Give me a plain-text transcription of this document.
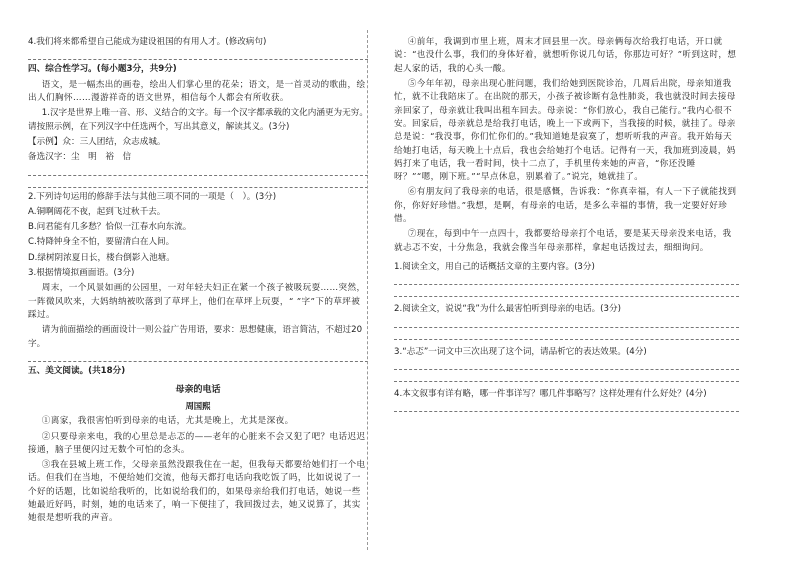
4.我们将来都希望自己能成为建设祖国的有用人才。(修改病句)

四、综合性学习。(每小题3分，共9分)

语文，是一幅杰出的画卷，绘出人们掌心里的花朵；语文，是一首灵动的歌曲，绘出人们胸怀……漫游祥奇的语文世界，相信每个人都会有所收获。

1.汉字是世界上唯一音、形、义结合的文字。每一个汉字都承载的文化内涵更为无穷。请按照示例，在下列汉字中任选两个，写出其意义，解读其义。(3分)

【示例】众：三人团结，众志成城。

备选汉字：尘　明　裕　信

2.下列诗句运用的修辞手法与其他三项不同的一项是（　）。(3分)

A.铜啊阔花不夜，起到飞过秋千去。

B.问君能有几多愁？恰似一江春水向东流。

C.特降钟身全不怕，要留清白在人间。

D.绿树阴浓夏日长，楼台倒影入池塘。

3.根据情境拟画面语。(3分)

周末，一个风景如画的公园里，一对年轻夫妇正在紧一个孩子被吸玩耍……突然，一阵微风吹来，大妈纳纳被吹落到了草坪上，他们在草坪上玩耍，“ ”字”下的草坪被踩过。

请为前面描绘的画面设计一则公益广告用语，要求：思想健康，语言简洁，不超过20字。

五、美文阅读。(共18分)

母亲的电话

周国熙

①离家，我很害怕听到母亲的电话，尤其是晚上，尤其是深夜。

②只要母亲来电，我的心里总是忐忑的——老年的心脏来不会又犯了吧？电话迟迟接通，脑子里便闪过无数个可怕的念头。

③我在县城上班工作，父母亲虽然没跟我住在一起，但我每天都要给她们打一个电话。但我们在当地，不便给她们交流，他每天都打电话向我吃饭了吗，比如说说了一个好的话题，比如说给我听的，比如说给我们的，如果母亲给我们打电话，她说一些她最近好吗，时刻，她的电话来了，响一下便挂了，我回拨过去，她又说算了，其实她很是想听我的声音。

④前年，我调到市里上班，周末才回县里一次。母亲俩每次给我打电话，开口就说：“也没什么事，我们的身体好着，就想听你说几句话，你那边可好？”听到这时，想起人家的话，我的心头一酸。

⑤今年年初，母亲出现心脏问题，我们给她到医院诊治，几周后出院，母亲知道我忙，就不让我陪床了。在出院的那天，小孩子被诊断有急性肺炎，我也就没时间去接母亲回家了，母亲就让我叫出租车回去。母亲说：“你们放心，我自己能行。”我内心很不安。回家后，母亲就总是给我打电话，晚上一下或两下，当我接的时候，就挂了。母亲总是说：“我没事，你们忙你们的。”我知道她是寂寞了，想听听我的声音。我开始每天给她打电话，每天晚上十点后，我也会给她打个电话。记得有一天，我加班到凌晨，妈妈打来了电话，我一看时间，快十二点了，手机里传来她的声音，“你还没睡呀？”“嗯，刚下班。”“早点休息，别累着了。”说完，她就挂了。

⑥有朋友问了我母亲的电话，很是感慨，告诉我：“你真幸福，有人一下子就能找到你，你好好珍惜。”我想，是啊，有母亲的电话，是多么幸福的事情，我一定要好好珍惜。

⑦现在，每到中午一点四十，我都要给母亲打个电话，要是某天母亲没来电话，我就忐忑不安，十分焦急，我就会像当年母亲那样，拿起电话拨过去，细细询问。

1.阅读全文，用自己的话概括文章的主要内容。(3分)

2.阅读全文，说说“我”为什么最害怕听到母亲的电话。(3分)

3.“忐忑”一词文中三次出现了这个词，请品析它的表达效果。(4分)

4.本文叙事有详有略，哪一件事详写？哪几件事略写？这样处理有什么好处？(4分)
